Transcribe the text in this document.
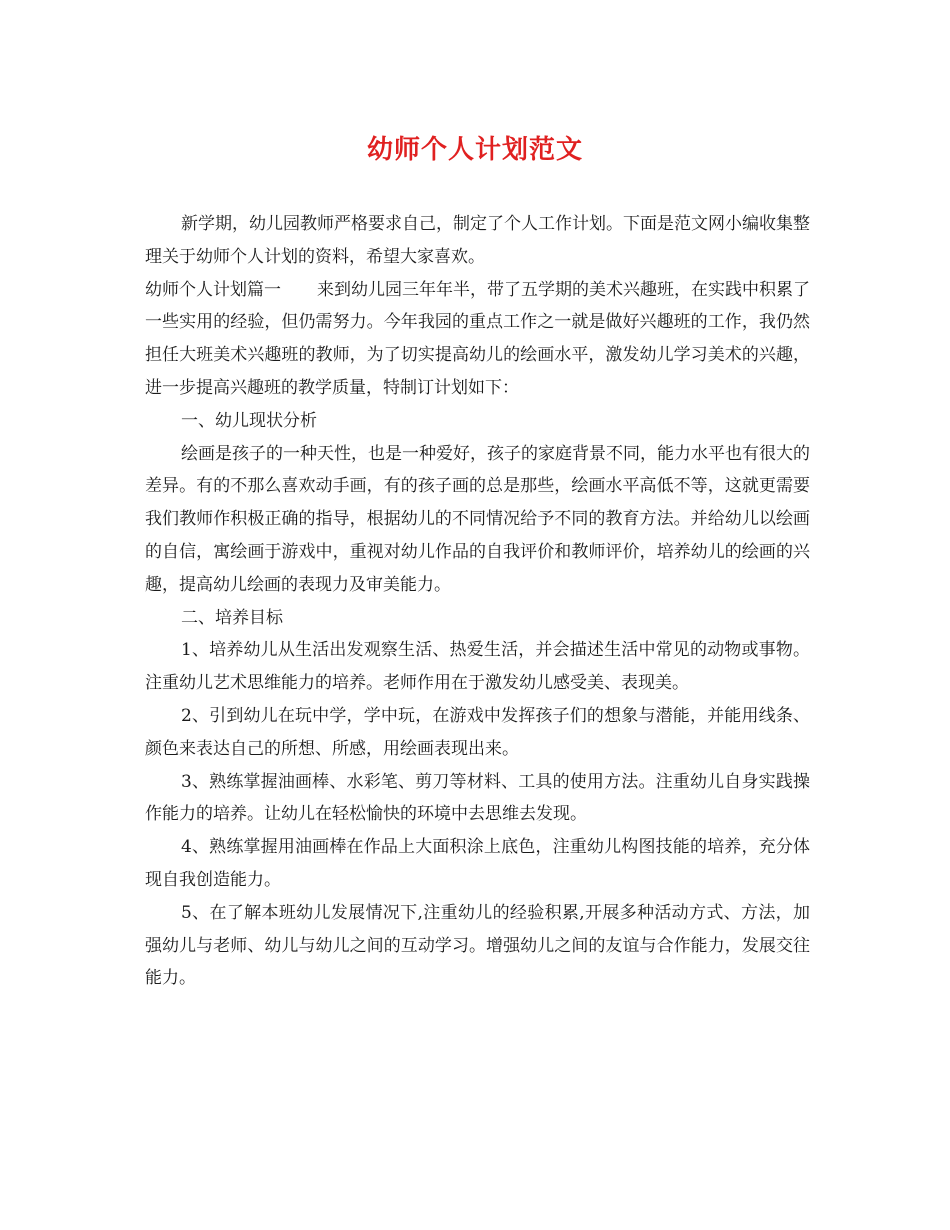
幼师个人计划范文

新学期，幼儿园教师严格要求自己，制定了个人工作计划。下面是范文网小编收集整理关于幼师个人计划的资料，希望大家喜欢。

幼师个人计划篇一 来到幼儿园三年年半，带了五学期的美术兴趣班，在实践中积累了一些实用的经验，但仍需努力。今年我园的重点工作之一就是做好兴趣班的工作，我仍然担任大班美术兴趣班的教师，为了切实提高幼儿的绘画水平，激发幼儿学习美术的兴趣，进一步提高兴趣班的教学质量，特制订计划如下：

一、幼儿现状分析

绘画是孩子的一种天性，也是一种爱好，孩子的家庭背景不同，能力水平也有很大的差异。有的不那么喜欢动手画，有的孩子画的总是那些，绘画水平高低不等，这就更需要我们教师作积极正确的指导，根据幼儿的不同情况给予不同的教育方法。并给幼儿以绘画的自信，寓绘画于游戏中，重视对幼儿作品的自我评价和教师评价，培养幼儿的绘画的兴趣，提高幼儿绘画的表现力及审美能力。

二、培养目标

1、培养幼儿从生活出发观察生活、热爱生活，并会描述生活中常见的动物或事物。注重幼儿艺术思维能力的培养。老师作用在于激发幼儿感受美、表现美。

2、引到幼儿在玩中学，学中玩，在游戏中发挥孩子们的想象与潜能，并能用线条、颜色来表达自己的所想、所感，用绘画表现出来。

3、熟练掌握油画棒、水彩笔、剪刀等材料、工具的使用方法。注重幼儿自身实践操作能力的培养。让幼儿在轻松愉快的环境中去思维去发现。

4、熟练掌握用油画棒在作品上大面积涂上底色，注重幼儿构图技能的培养，充分体现自我创造能力。

5、在了解本班幼儿发展情况下,注重幼儿的经验积累,开展多种活动方式、方法，加强幼儿与老师、幼儿与幼儿之间的互动学习。增强幼儿之间的友谊与合作能力，发展交往能力。
